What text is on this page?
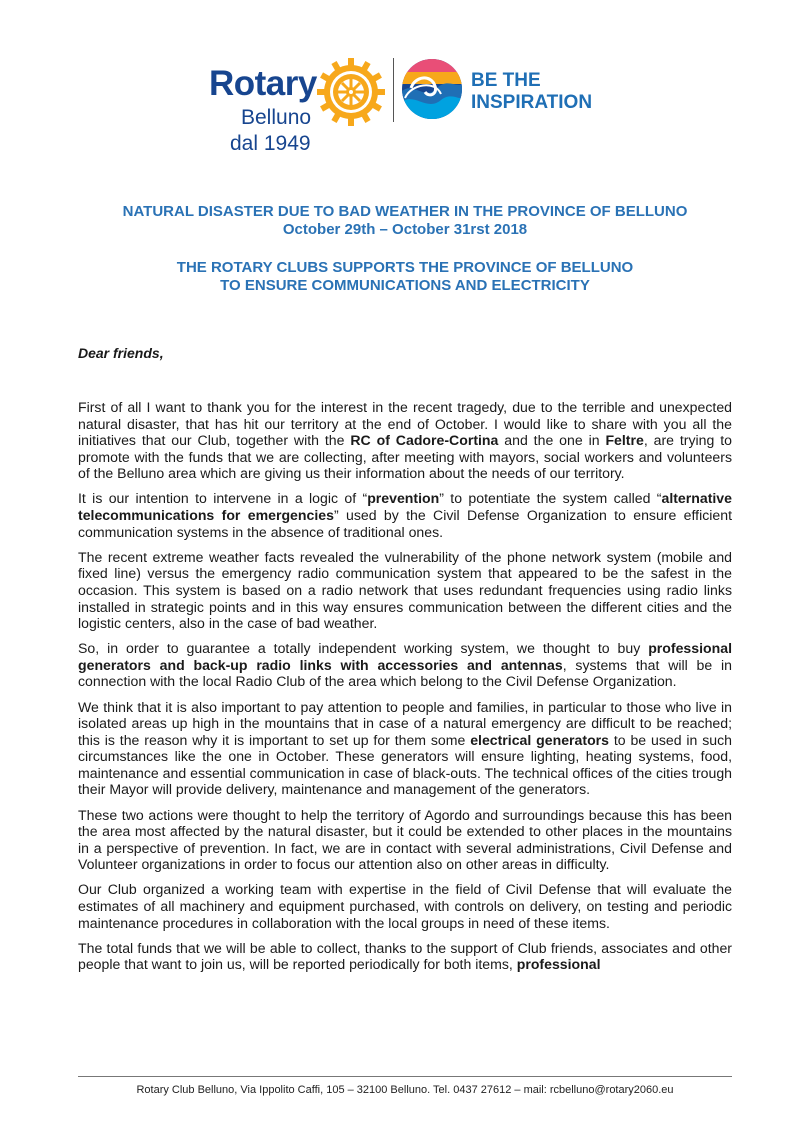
Rotary
Belluno
dal 1949
BE THE
INSPIRATION
NATURAL DISASTER DUE TO BAD WEATHER IN THE PROVINCE OF BELLUNO
October 29th – October 31rst 2018
THE ROTARY CLUBS SUPPORTS THE PROVINCE OF BELLUNO
TO ENSURE COMMUNICATIONS AND ELECTRICITY
Dear friends,

First of all I want to thank you for the interest in the recent tragedy, due to the terrible and unexpected natural disaster, that has hit our territory at the end of October. I would like to share with you all the initiatives that our Club, together with the RC of Cadore-Cortina and the one in Feltre, are trying to promote with the funds that we are collecting, after meeting with mayors, social workers and volunteers of the Belluno area which are giving us their information about the needs of our territory.

It is our intention to intervene in a logic of “prevention” to potentiate the system called “alternative telecommunications for emergencies” used by the Civil Defense Organization to ensure efficient communication systems in the absence of traditional ones.

The recent extreme weather facts revealed the vulnerability of the phone network system (mobile and fixed line) versus the emergency radio communication system that appeared to be the safest in the occasion. This system is based on a radio network that uses redundant frequencies using radio links installed in strategic points and in this way ensures communication between the different cities and the logistic centers, also in the case of bad weather.

So, in order to guarantee a totally independent working system, we thought to buy professional generators and back-up radio links with accessories and antennas, systems that will be in connection with the local Radio Club of the area which belong to the Civil Defense Organization.

We think that it is also important to pay attention to people and families, in particular to those who live in isolated areas up high in the mountains that in case of a natural emergency are difficult to be reached; this is the reason why it is important to set up for them some electrical generators to be used in such circumstances like the one in October. These generators will ensure lighting, heating systems, food, maintenance and essential communication in case of black-outs. The technical offices of the cities trough their Mayor will provide delivery, maintenance and management of the generators.

These two actions were thought to help the territory of Agordo and surroundings because this has been the area most affected by the natural disaster, but it could be extended to other places in the mountains in a perspective of prevention. In fact, we are in contact with several administrations, Civil Defense and Volunteer organizations in order to focus our attention also on other areas in difficulty.

Our Club organized a working team with expertise in the field of Civil Defense that will evaluate the estimates of all machinery and equipment purchased, with controls on delivery, on testing and periodic maintenance procedures in collaboration with the local groups in need of these items.

The total funds that we will be able to collect, thanks to the support of Club friends, associates and other people that want to join us, will be reported periodically for both items, professional

Rotary Club Belluno, Via Ippolito Caffi, 105 – 32100 Belluno. Tel. 0437 27612 – mail: rcbelluno@rotary2060.eu
